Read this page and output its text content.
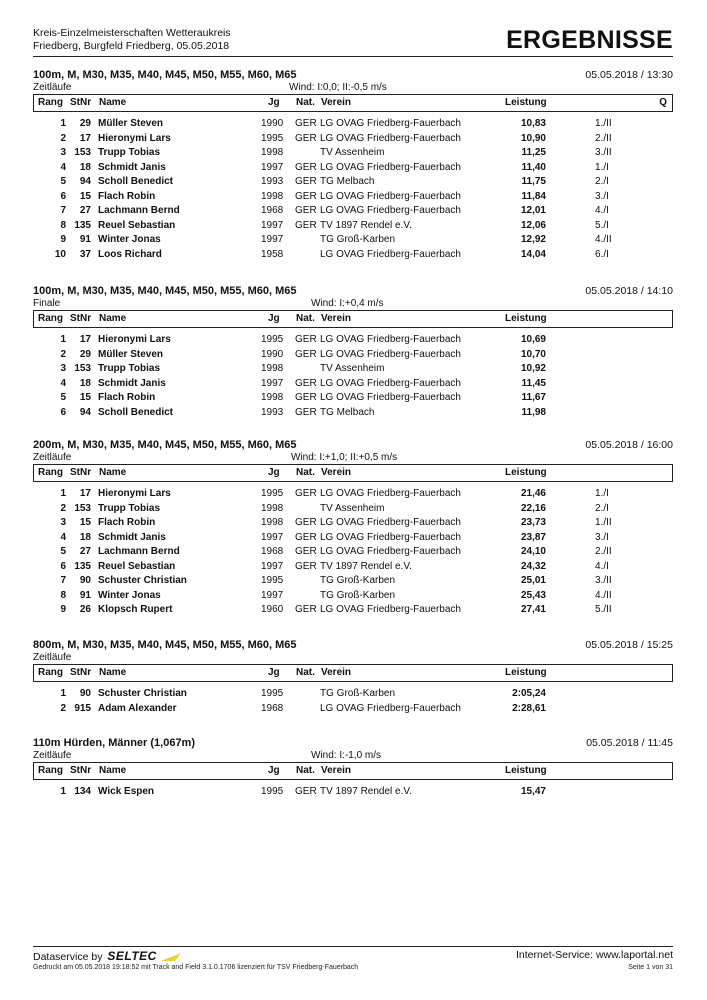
Kreis-Einzelmeisterschaften Wetteraukreis
Friedberg, Burgfeld Friedberg, 05.05.2018	ERGEBNISSE
100m, M, M30, M35, M40, M45, M50, M55, M60, M65	05.05.2018 / 13:30
Zeitläufe	Wind: I:0,0; II:-0,5 m/s
Rang StNr Name	Jg Nat. Verein	Leistung	Q
1	29 Müller Steven	1990 GER LG OVAG Friedberg-Fauerbach	10,83	1./II
2	17 Hieronymi Lars	1995 GER LG OVAG Friedberg-Fauerbach	10,90	2./II
3 153 Trupp Tobias	1998	TV Assenheim	11,25	3./II
4	18 Schmidt Janis	1997 GER LG OVAG Friedberg-Fauerbach	11,40	1./I
5	94 Scholl Benedict	1993 GER TG Melbach	11,75	2./I
6	15 Flach Robin	1998 GER LG OVAG Friedberg-Fauerbach	11,84	3./I
7	27 Lachmann Bernd	1968 GER LG OVAG Friedberg-Fauerbach	12,01	4./I
8 135 Reuel Sebastian	1997 GER TV 1897 Rendel e.V.	12,06	5./I
9	91 Winter Jonas	1997	TG Groß-Karben	12,92	4./II
10	37 Loos Richard	1958	LG OVAG Friedberg-Fauerbach	14,04	6./I
100m, M, M30, M35, M40, M45, M50, M55, M60, M65	05.05.2018 / 14:10
Finale	Wind: I:+0,4 m/s
Rang StNr Name	Jg Nat. Verein	Leistung
1	17 Hieronymi Lars	1995 GER LG OVAG Friedberg-Fauerbach	10,69
2	29 Müller Steven	1990 GER LG OVAG Friedberg-Fauerbach	10,70
3 153 Trupp Tobias	1998	TV Assenheim	10,92
4	18 Schmidt Janis	1997 GER LG OVAG Friedberg-Fauerbach	11,45
5	15 Flach Robin	1998 GER LG OVAG Friedberg-Fauerbach	11,67
6	94 Scholl Benedict	1993 GER TG Melbach	11,98
200m, M, M30, M35, M40, M45, M50, M55, M60, M65	05.05.2018 / 16:00
Zeitläufe	Wind: I:+1,0; II:+0,5 m/s
Rang StNr Name	Jg Nat. Verein	Leistung
1	17 Hieronymi Lars	1995 GER LG OVAG Friedberg-Fauerbach	21,46	1./I
2 153 Trupp Tobias	1998	TV Assenheim	22,16	2./I
3	15 Flach Robin	1998 GER LG OVAG Friedberg-Fauerbach	23,73	1./II
4	18 Schmidt Janis	1997 GER LG OVAG Friedberg-Fauerbach	23,87	3./I
5	27 Lachmann Bernd	1968 GER LG OVAG Friedberg-Fauerbach	24,10	2./II
6 135 Reuel Sebastian	1997 GER TV 1897 Rendel e.V.	24,32	4./I
7	90 Schuster Christian	1995	TG Groß-Karben	25,01	3./II
8	91 Winter Jonas	1997	TG Groß-Karben	25,43	4./II
9	26 Klopsch Rupert	1960 GER LG OVAG Friedberg-Fauerbach	27,41	5./II
800m, M, M30, M35, M40, M45, M50, M55, M60, M65	05.05.2018 / 15:25
Zeitläufe
Rang StNr Name	Jg Nat. Verein	Leistung
1	90 Schuster Christian	1995	TG Groß-Karben	2:05,24
2 915 Adam Alexander	1968	LG OVAG Friedberg-Fauerbach	2:28,61
110m Hürden, Männer (1,067m)	05.05.2018 / 11:45
Zeitläufe	Wind: I:-1,0 m/s
Rang StNr Name	Jg Nat. Verein	Leistung
1 134 Wick Espen	1995 GER TV 1897 Rendel e.V.	15,47
Dataservice by SELTEC	Internet-Service: www.laportal.net
Gedruckt am 05.05.2018 19:18:52 mit Track and Field 3.1.0.1706 lizenziert für TSV Friedberg-Fauerbach	Seite 1 von 31
